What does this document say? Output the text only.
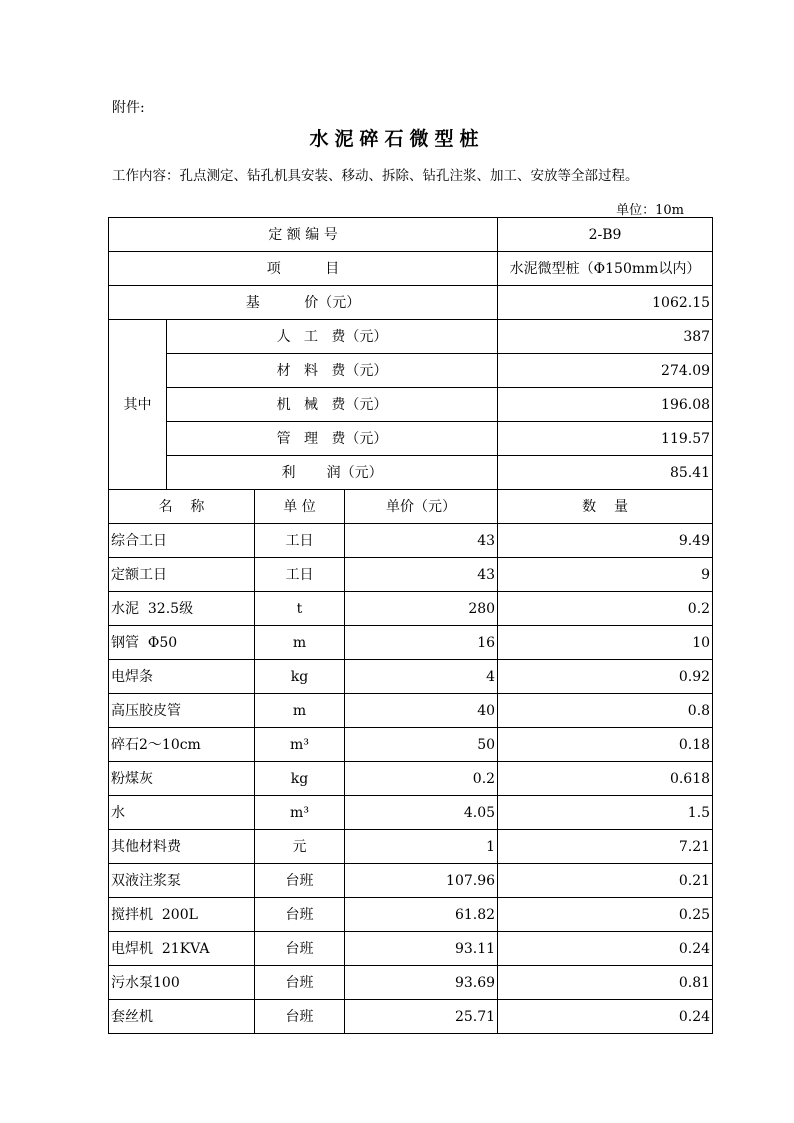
附件:
水泥碎石微型桩
工作内容：孔点测定、钻孔机具安装、移动、拆除、钻孔注浆、加工、安放等全部过程。
单位：10m
定 额 编 号				2-B9
项          目				水泥微型桩（Φ150mm以内）
基          价（元）				1062.15
其中	人   工   费（元）			387
	材   料   费（元）			274.09
	机   械   费（元）			196.08
	管   理   费（元）			119.57
	利       润（元）			85.41
名    称		单 位	单价（元）	数    量
综合工日		工日	43	9.49
定额工日		工日	43	9
水泥  32.5级		t	280	0.2
钢管  Φ50		m	16	10
电焊条		kg	4	0.92
高压胶皮管		m	40	0.8
碎石2～10cm		m³	50	0.18
粉煤灰		kg	0.2	0.618
水		m³	4.05	1.5
其他材料费		元	1	7.21
双液注浆泵		台班	107.96	0.21
搅拌机  200L		台班	61.82	0.25
电焊机  21KVA		台班	93.11	0.24
污水泵100		台班	93.69	0.81
套丝机		台班	25.71	0.24
